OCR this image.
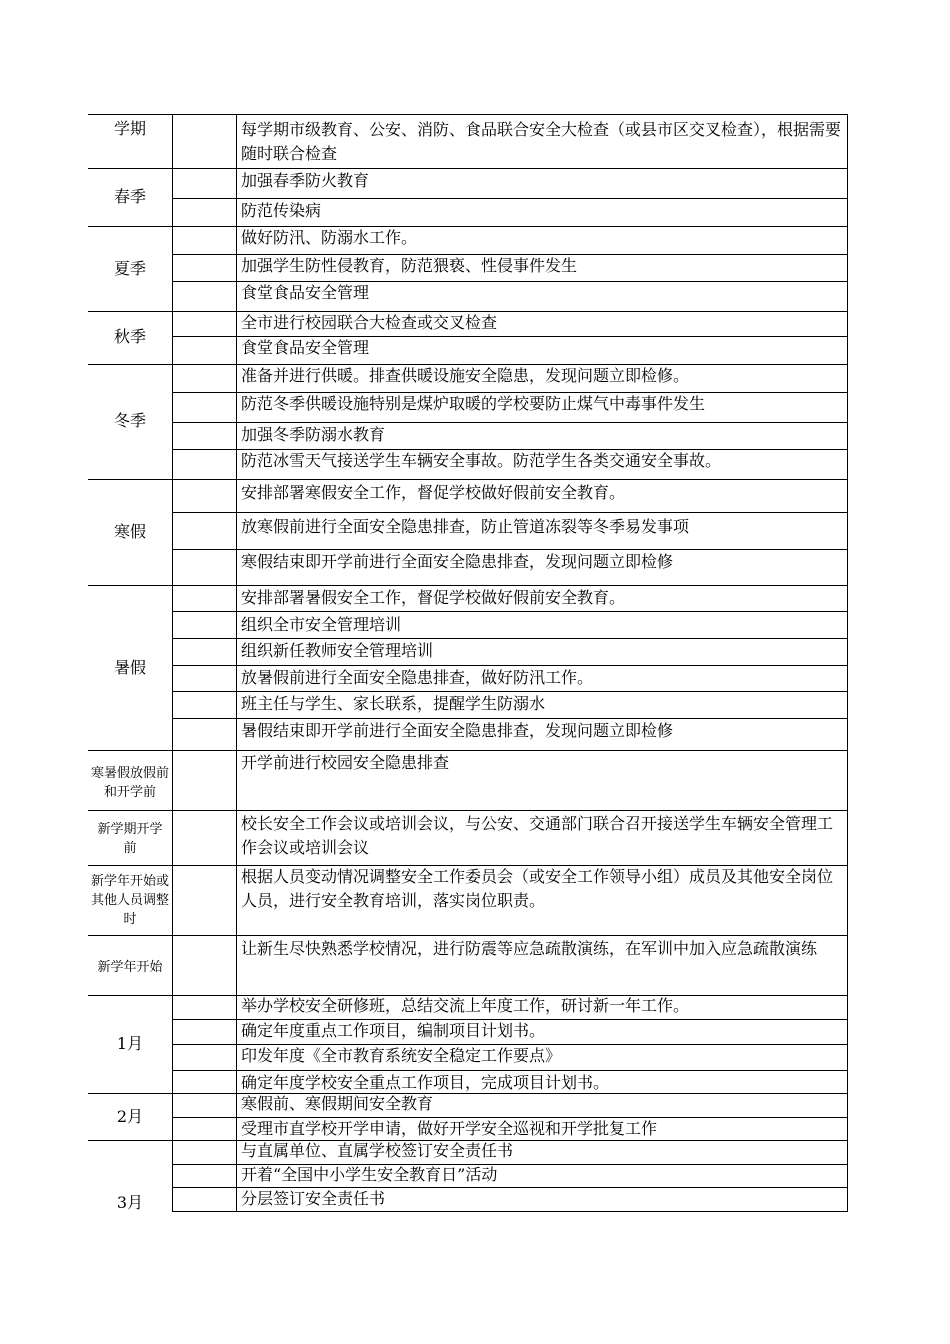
学期	每学期市级教育、公安、消防、食品联合安全大检查（或县市区交叉检查），根据需要随时联合检查
春季
加强春季防火教育
防范传染病
夏季
做好防汛、防溺水工作。
加强学生防性侵教育，防范猥亵、性侵事件发生
食堂食品安全管理
秋季
全市进行校园联合大检查或交叉检查
食堂食品安全管理
冬季
准备并进行供暖。排查供暖设施安全隐患，发现问题立即检修。
防范冬季供暖设施特别是煤炉取暖的学校要防止煤气中毒事件发生
加强冬季防溺水教育
防范冰雪天气接送学生车辆安全事故。防范学生各类交通安全事故。
寒假
安排部署寒假安全工作，督促学校做好假前安全教育。
放寒假前进行全面安全隐患排查，防止管道冻裂等冬季易发事项
寒假结束即开学前进行全面安全隐患排查，发现问题立即检修
暑假
安排部署暑假安全工作，督促学校做好假前安全教育。
组织全市安全管理培训
组织新任教师安全管理培训
放暑假前进行全面安全隐患排查，做好防汛工作。
班主任与学生、家长联系，提醒学生防溺水
暑假结束即开学前进行全面安全隐患排查，发现问题立即检修
寒暑假放假前和开学前
开学前进行校园安全隐患排查
新学期开学前
校长安全工作会议或培训会议，与公安、交通部门联合召开接送学生车辆安全管理工作会议或培训会议
新学年开始或其他人员调整时
根据人员变动情况调整安全工作委员会（或安全工作领导小组）成员及其他安全岗位人员，进行安全教育培训，落实岗位职责。
新学年开始
让新生尽快熟悉学校情况，进行防震等应急疏散演练，在军训中加入应急疏散演练
1月
举办学校安全研修班，总结交流上年度工作，研讨新一年工作。
确定年度重点工作项目，编制项目计划书。
印发年度《全市教育系统安全稳定工作要点》
确定年度学校安全重点工作项目，完成项目计划书。
2月
寒假前、寒假期间安全教育
受理市直学校开学申请，做好开学安全巡视和开学批复工作
3月
与直属单位、直属学校签订安全责任书
开着“全国中小学生安全教育日”活动
分层签订安全责任书
